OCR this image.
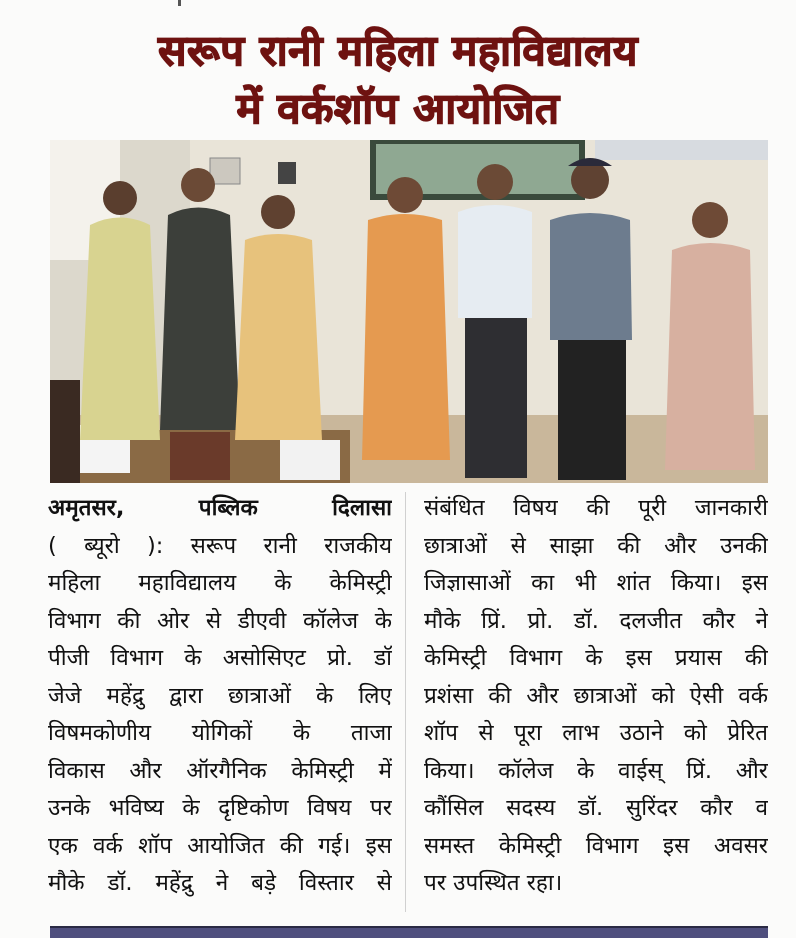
सरूप रानी महिला महाविद्यालय
में वर्कशॉप आयोजित

अमृतसर, पब्लिक दिलासा

( ब्यूरो ): सरूप रानी राजकीय

महिला महाविद्यालय के केमिस्ट्री

विभाग की ओर से डीएवी कॉलेज के

पीजी विभाग के असोसिएट प्रो. डॉ

जेजे महेंद्रु द्वारा छात्राओं के लिए

विषमकोणीय योगिकों के ताजा

विकास और ऑरगैनिक केमिस्ट्री में

उनके भविष्य के दृष्टिकोण विषय पर

एक वर्क शॉप आयोजित की गई। इस

मौके डॉ. महेंद्रु ने बड़े विस्तार से

संबंधित विषय की पूरी जानकारी

छात्राओं से साझा की और उनकी

जिज्ञासाओं का भी शांत किया। इस

मौके प्रिं. प्रो. डॉ. दलजीत कौर ने

केमिस्ट्री विभाग के इस प्रयास की

प्रशंसा की और छात्राओं को ऐसी वर्क

शॉप से पूरा लाभ उठाने को प्रेरित

किया। कॉलेज के वाईस् प्रिं. और

कौंसिल सदस्य डॉ. सुरिंदर कौर व

समस्त केमिस्ट्री विभाग इस अवसर

पर उपस्थित रहा।
